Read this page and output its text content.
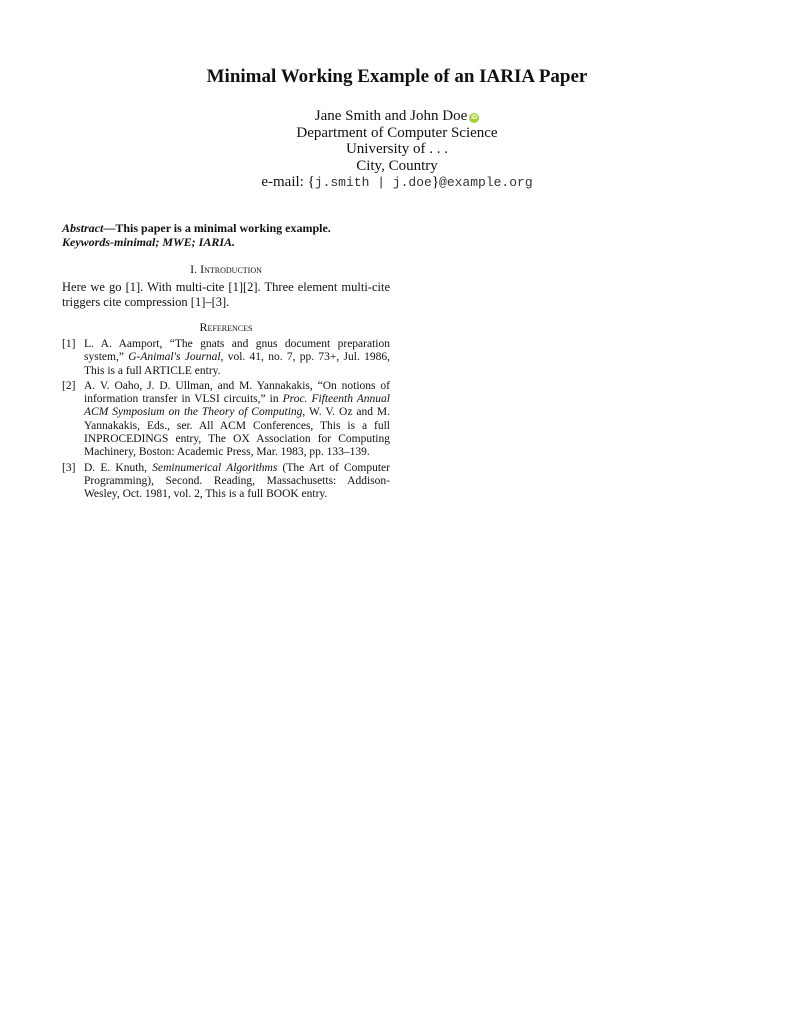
Minimal Working Example of an IARIA Paper
Jane Smith and John Doe iD
Department of Computer Science
University of . . .
City, Country
e-mail: {j.smith | j.doe}@example.org
Abstract—This paper is a minimal working example.
Keywords-minimal; MWE; IARIA.
I. Introduction
Here we go [1]. With multi-cite [1][2]. Three element multi-cite triggers cite compression [1]–[3].
References
[1] L. A. Aamport, “The gnats and gnus document preparation system,” G-Animal's Journal, vol. 41, no. 7, pp. 73+, Jul. 1986, This is a full ARTICLE entry.
[2] A. V. Oaho, J. D. Ullman, and M. Yannakakis, “On notions of information transfer in VLSI circuits,” in Proc. Fifteenth Annual ACM Symposium on the Theory of Computing, W. V. Oz and M. Yannakakis, Eds., ser. All ACM Conferences, This is a full INPROCEDINGS entry, The OX Association for Computing Machinery, Boston: Academic Press, Mar. 1983, pp. 133–139.
[3] D. E. Knuth, Seminumerical Algorithms (The Art of Computer Programming), Second. Reading, Massachusetts: Addison-Wesley, Oct. 1981, vol. 2, This is a full BOOK entry.
